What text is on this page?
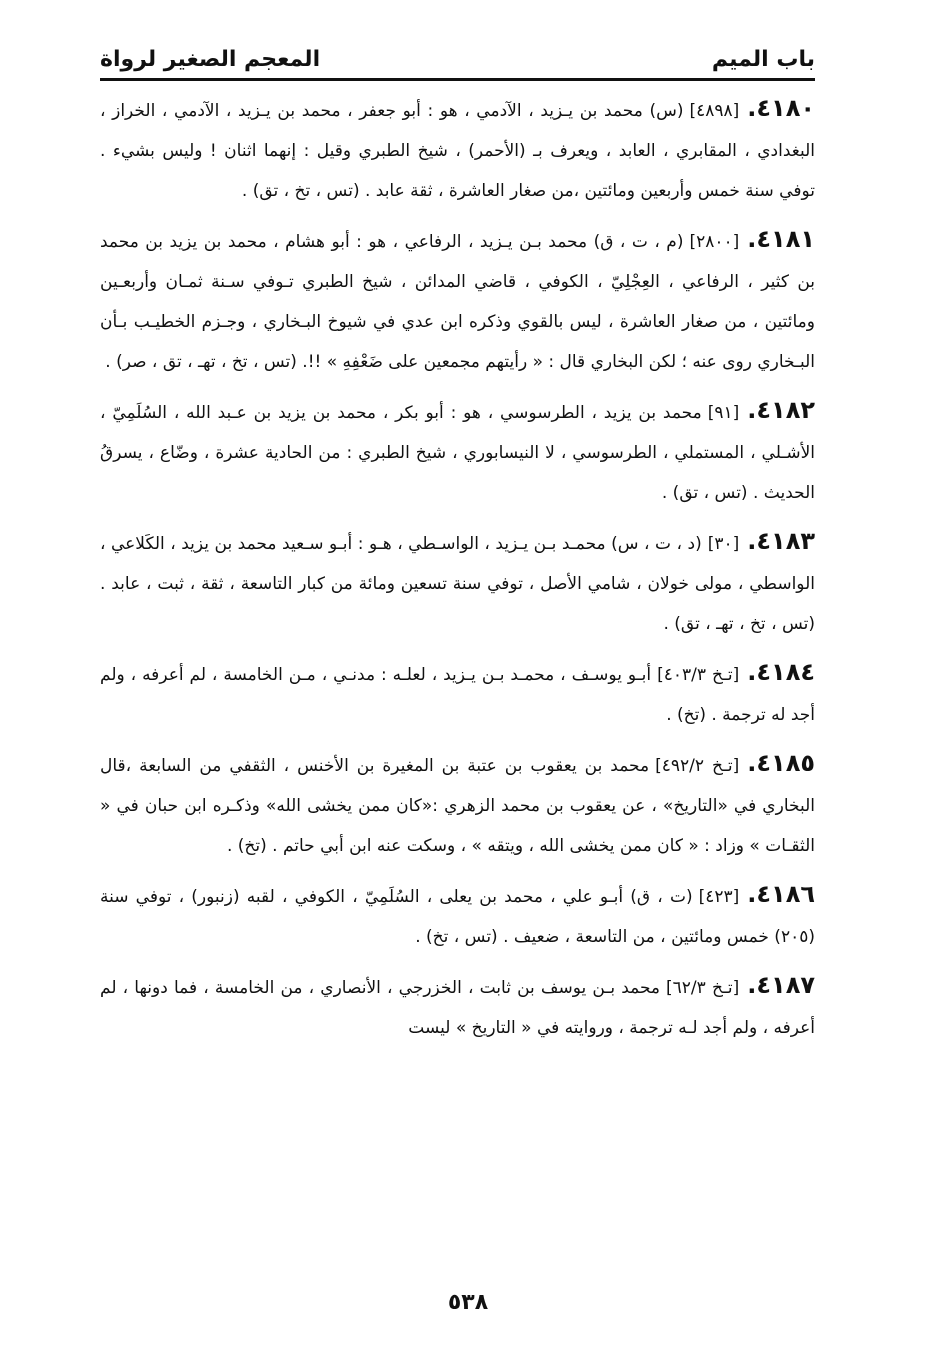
باب الميم
المعجم الصغير لرواة

٤١٨٠.[٤٨٩٨](س) محمد بن يـزيد ، الآدمي ، هو : أبو جعفر ، محمد بن يـزيد ، الآدمي ، الخراز ، البغدادي ، المقابري ، العابد ، ويعرف بـ (الأحمر) ، شيخ الطبري وقيل : إنهما اثنان ! وليس بشيء . توفي سنة خمس وأربعين ومائتين ،من صغار العاشرة ، ثقة عابد . (تس ، تخ ، تق) .

٤١٨١.[٢٨٠٠](م ، ت ، ق) محمد بـن يـزيد ، الرفاعي ، هو : أبو هشام ، محمد بن يزيد بن محمد بن كثير ، الرفاعي ، العِجْلِيّ ، الكوفي ، قاضي المدائن ، شيخ الطبري تـوفي سـنة ثمـان وأربعـين ومائتين ، من صغار العاشرة ، ليس بالقوي وذكره ابن عدي في شيوخ البـخاري ، وجـزم الخطيـب بـأن البـخاري روى عنه ؛ لكن البخاري قال : « رأيتهم مجمعين على ضَعْفِهِ » !!. (تس ، تخ ، تهـ ، تق ، صر) .

٤١٨٢.[٩١]محمد بن يزيد ، الطرسوسي ، هو : أبو بكر ، محمد بن يزيد بن عـبد الله ، السُلَمِيّ ، الأشـلي ، المستملي ، الطرسوسي ، لا النيسابوري ، شيخ الطبري : من الحادية عشرة ، وضّاع ، يسرقُ الحديث . (تس ، تق) .

٤١٨٣.[٣٠](د ، ت ، س) محمـد بـن يـزيد ، الواسـطي ، هـو : أبـو سـعيد محمد بن يزيد ، الكَلاعي ، الواسطي ، مولى خولان ، شامي الأصل ، توفي سنة تسعين ومائة من كبار التاسعة ، ثقة ، ثبت ، عابد . (تس ، تخ ، تهـ ، تق) .

٤١٨٤.[تـخ ٤٠٣/٣]أبـو يوسـف ، محمـد بـن يـزيد ، لعلـه : مدنـي ، مـن الخامسة ، لم أعرفه ، ولم أجد له ترجمة . (تخ) .

٤١٨٥.[تـخ ٤٩٢/٢]محمد بن يعقوب بن عتبة بن المغيرة بن الأخنس ، الثقفي من السابعة ،قال البخاري في «التاريخ» ، عن يعقوب بن محمد الزهري :«كان ممن يخشى الله» وذكـره ابن حبان في « الثقـات » وزاد : « كان ممن يخشى الله ، ويتقه » ، وسكت عنه ابن أبي حاتم . (تخ) .

٤١٨٦.[٤٢٣](ت ، ق) أبـو علي ، محمد بن يعلى ، السُلَمِيّ ، الكوفي ، لقبه (زنبور) ، توفي سنة (٢٠٥) خمس ومائتين ، من التاسعة ، ضعيف . (تس ، تخ) .

٤١٨٧.[تـخ ٦٢/٣]محمد بـن يوسف بن ثابت ، الخزرجي ، الأنصاري ، من الخامسة ، فما دونها ، لم أعرفه ، ولم أجد لـه ترجمة ، وروايته في « التاريخ » ليست

٥٣٨
